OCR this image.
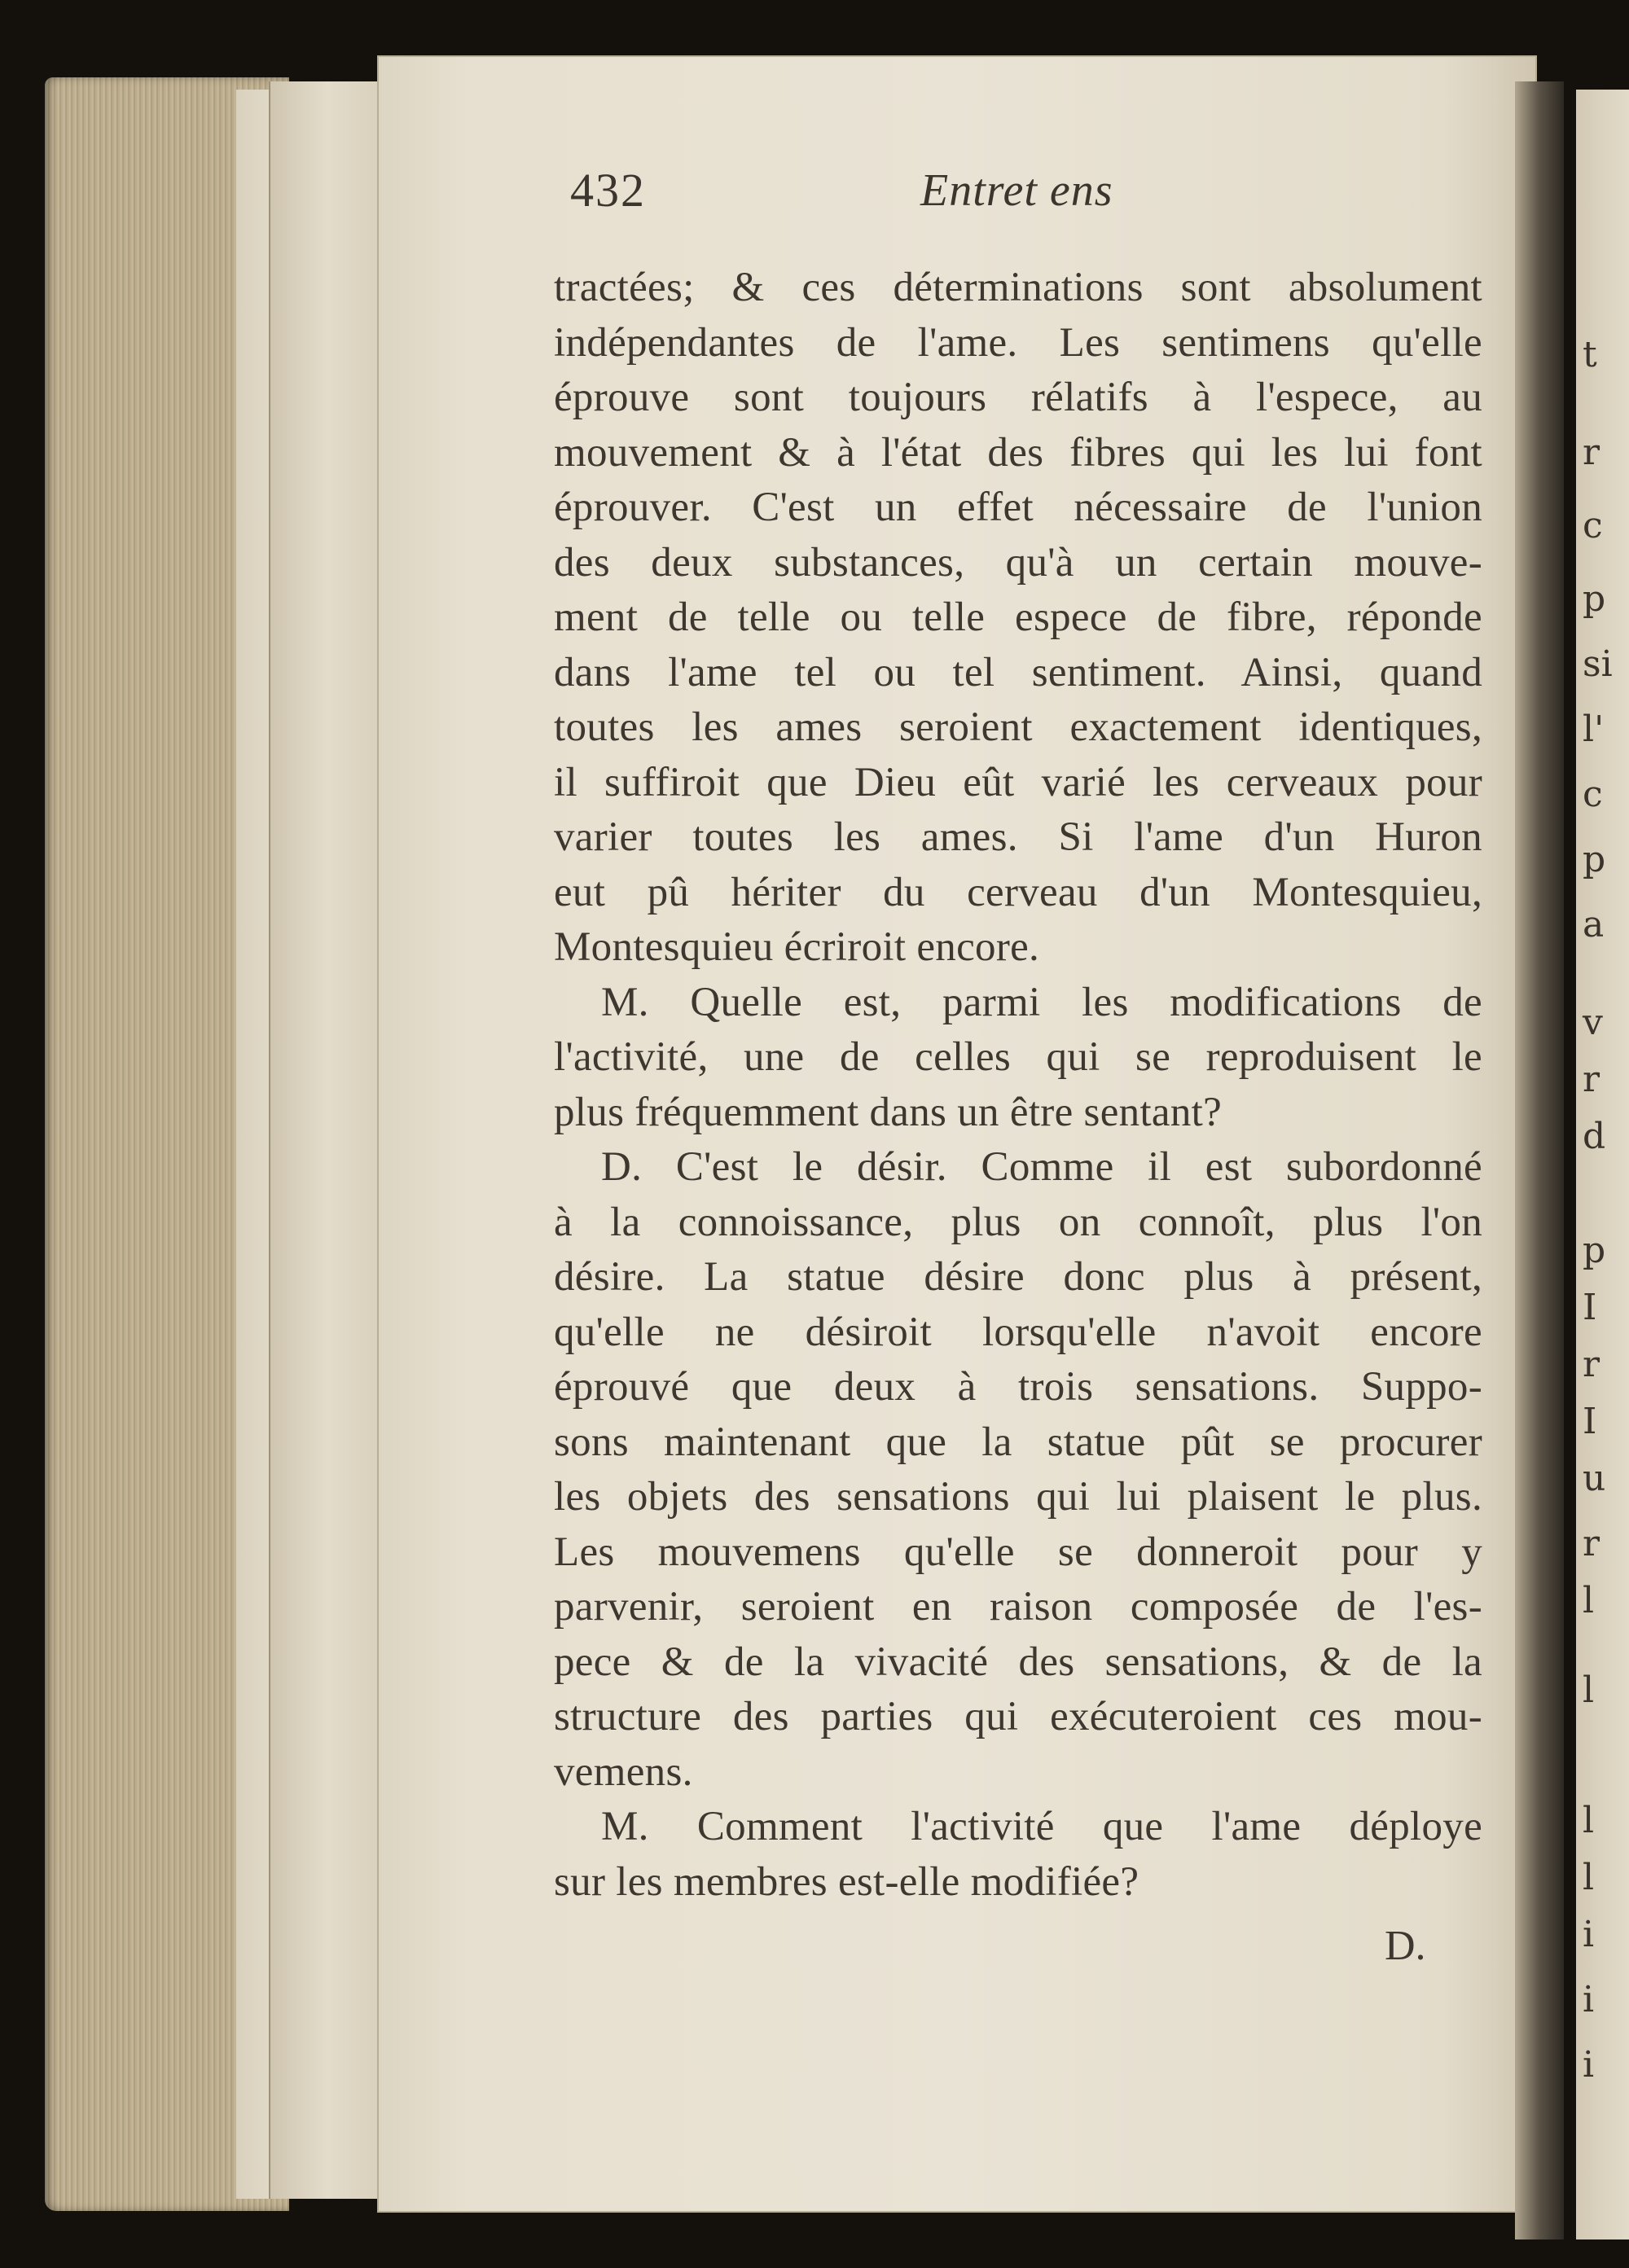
t
r
c
p
si
l'
c
p
a
v
r
d
p
I
r
I
u
r
l
l
l
l
i
i
i
432	Entret ens
tractées; & ces déterminations sont absolument
indépendantes de l'ame. Les sentimens qu'elle
éprouve sont toujours rélatifs à l'espece, au
mouvement & à l'état des fibres qui les lui font
éprouver. C'est un effet nécessaire de l'union
des deux substances, qu'à un certain mouve-
ment de telle ou telle espece de fibre, réponde
dans l'ame tel ou tel sentiment. Ainsi, quand
toutes les ames seroient exactement identiques,
il suffiroit que Dieu eût varié les cerveaux pour
varier toutes les ames. Si l'ame d'un Huron
eut pû hériter du cerveau d'un Montesquieu,
Montesquieu écriroit encore.
M. Quelle est, parmi les modifications de
l'activité, une de celles qui se reproduisent le
plus fréquemment dans un être sentant?
D. C'est le désir. Comme il est subordonné
à la connoissance, plus on connoît, plus l'on
désire. La statue désire donc plus à présent,
qu'elle ne désiroit lorsqu'elle n'avoit encore
éprouvé que deux à trois sensations. Suppo-
sons maintenant que la statue pût se procurer
les objets des sensations qui lui plaisent le plus.
Les mouvemens qu'elle se donneroit pour y
parvenir, seroient en raison composée de l'es-
pece & de la vivacité des sensations, & de la
structure des parties qui exécuteroient ces mou-
vemens.
M. Comment l'activité que l'ame déploye
sur les membres est-elle modifiée?
D.
